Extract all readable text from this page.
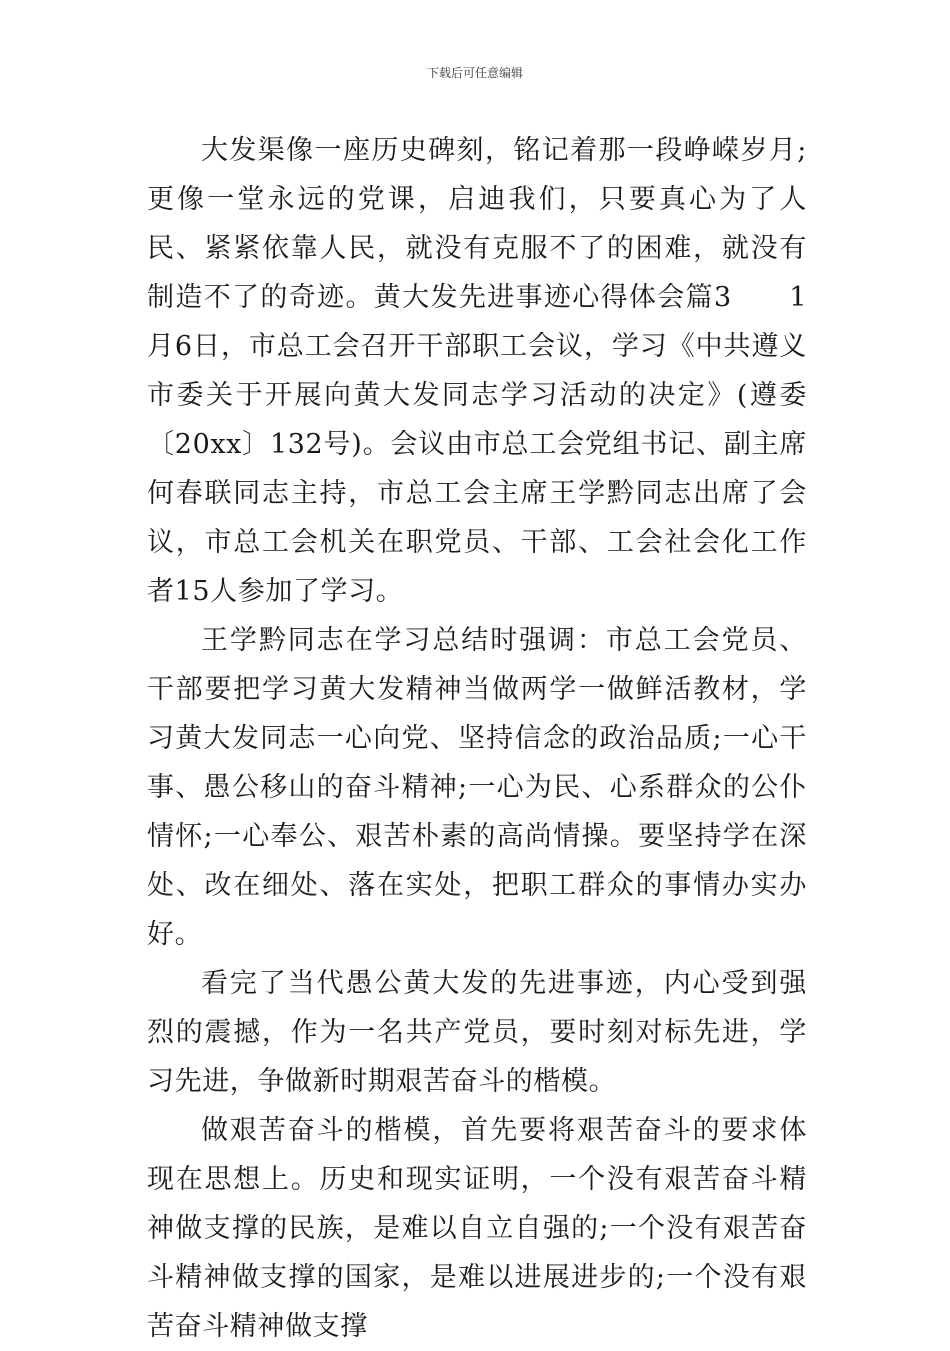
下载后可任意编辑

大发渠像一座历史碑刻，铭记着那一段峥嵘岁月;更像一堂永远的党课，启迪我们，只要真心为了人民、紧紧依靠人民，就没有克服不了的困难，就没有制造不了的奇迹。黄大发先进事迹心得体会篇3　　1月6日，市总工会召开干部职工会议，学习《中共遵义市委关于开展向黄大发同志学习活动的决定》(遵委〔20xx〕132号)。会议由市总工会党组书记、副主席何春联同志主持，市总工会主席王学黔同志出席了会议，市总工会机关在职党员、干部、工会社会化工作者15人参加了学习。

王学黔同志在学习总结时强调：市总工会党员、干部要把学习黄大发精神当做两学一做鲜活教材，学习黄大发同志一心向党、坚持信念的政治品质;一心干事、愚公移山的奋斗精神;一心为民、心系群众的公仆情怀;一心奉公、艰苦朴素的高尚情操。要坚持学在深处、改在细处、落在实处，把职工群众的事情办实办好。

看完了当代愚公黄大发的先进事迹，内心受到强烈的震撼，作为一名共产党员，要时刻对标先进，学习先进，争做新时期艰苦奋斗的楷模。

做艰苦奋斗的楷模，首先要将艰苦奋斗的要求体现在思想上。历史和现实证明，一个没有艰苦奋斗精神做支撑的民族，是难以自立自强的;一个没有艰苦奋斗精神做支撑的国家，是难以进展进步的;一个没有艰苦奋斗精神做支撑
